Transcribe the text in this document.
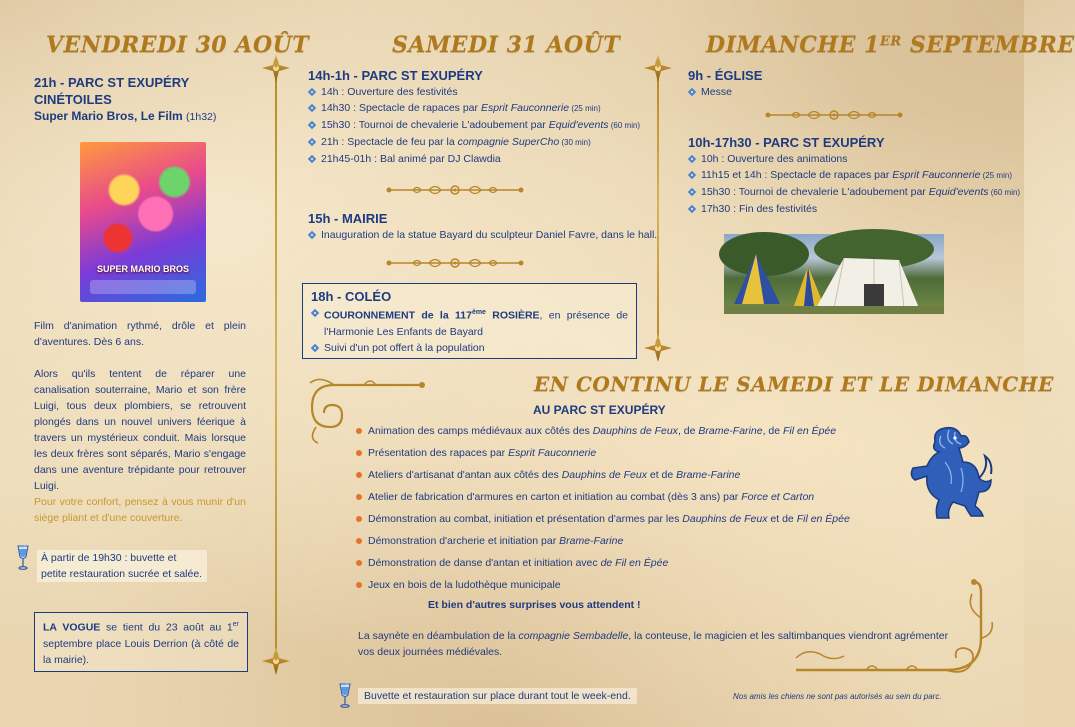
VENDREDI 30 AOÛT
21h - PARC ST EXUPÉRY
CINÉTOILES
Super Mario Bros, Le Film (1h32)
SUPER MARIO BROS
Film d'animation rythmé, drôle et plein d'aventures. Dès 6 ans.
Alors qu'ils tentent de réparer une canalisation souterraine, Mario et son frère Luigi, tous deux plombiers, se retrouvent plongés dans un nouvel univers féerique à travers un mystérieux conduit. Mais lorsque les deux frères sont séparés, Mario s'engage dans une aventure trépidante pour retrouver Luigi.
Pour votre confort, pensez à vous munir d'un siège pliant et d'une couverture.
À partir de 19h30 : buvette et petite restauration sucrée et salée.
LA VOGUE se tient du 23 août au 1er septembre place Louis Derrion (à côté de la mairie).
SAMEDI 31 AOÛT
14h-1h - PARC ST EXUPÉRY
14h : Ouverture des festivités
14h30 : Spectacle de rapaces par Esprit Fauconnerie (25 min)
15h30 : Tournoi de chevalerie L'adoubement par Equid'events (60 min)
21h : Spectacle de feu par la compagnie SuperCho (30 min)
21h45-01h : Bal animé par DJ Clawdia
15h - MAIRIE
Inauguration de la statue Bayard du sculpteur Daniel Favre, dans le hall.
18h - COLÉO
COURONNEMENT de la 117ème ROSIÈRE, en présence de l'Harmonie Les Enfants de Bayard
Suivi d'un pot offert à la population
DIMANCHE 1ER SEPTEMBRE
9h - ÉGLISE
Messe
10h-17h30 - PARC ST EXUPÉRY
10h : Ouverture des animations
11h15 et 14h : Spectacle de rapaces par Esprit Fauconnerie (25 min)
15h30 : Tournoi de chevalerie L'adoubement par Equid'events (60 min)
17h30 : Fin des festivités
EN CONTINU LE SAMEDI ET LE DIMANCHE
AU PARC ST EXUPÉRY
Animation des camps médiévaux aux côtés des Dauphins de Feux, de Brame-Farine, de Fil en Épée
Présentation des rapaces par Esprit Fauconnerie
Ateliers d'artisanat d'antan aux côtés des Dauphins de Feux et de Brame-Farine
Atelier de fabrication d'armures en carton et initiation au combat (dès 3 ans) par Force et Carton
Démonstration au combat, initiation et présentation d'armes par les Dauphins de Feux et de Fil en Épée
Démonstration d'archerie et initiation par Brame-Farine
Démonstration de danse d'antan et initiation avec de Fil en Épée
Jeux en bois de la ludothèque municipale
Et bien d'autres surprises vous attendent !
La saynète en déambulation de la compagnie Sembadelle, la conteuse, le magicien et les saltimbanques viendront agrémenter vos deux journées médiévales.
Buvette et restauration sur place durant tout le week-end.	Nos amis les chiens ne sont pas autorisés au sein du parc.
